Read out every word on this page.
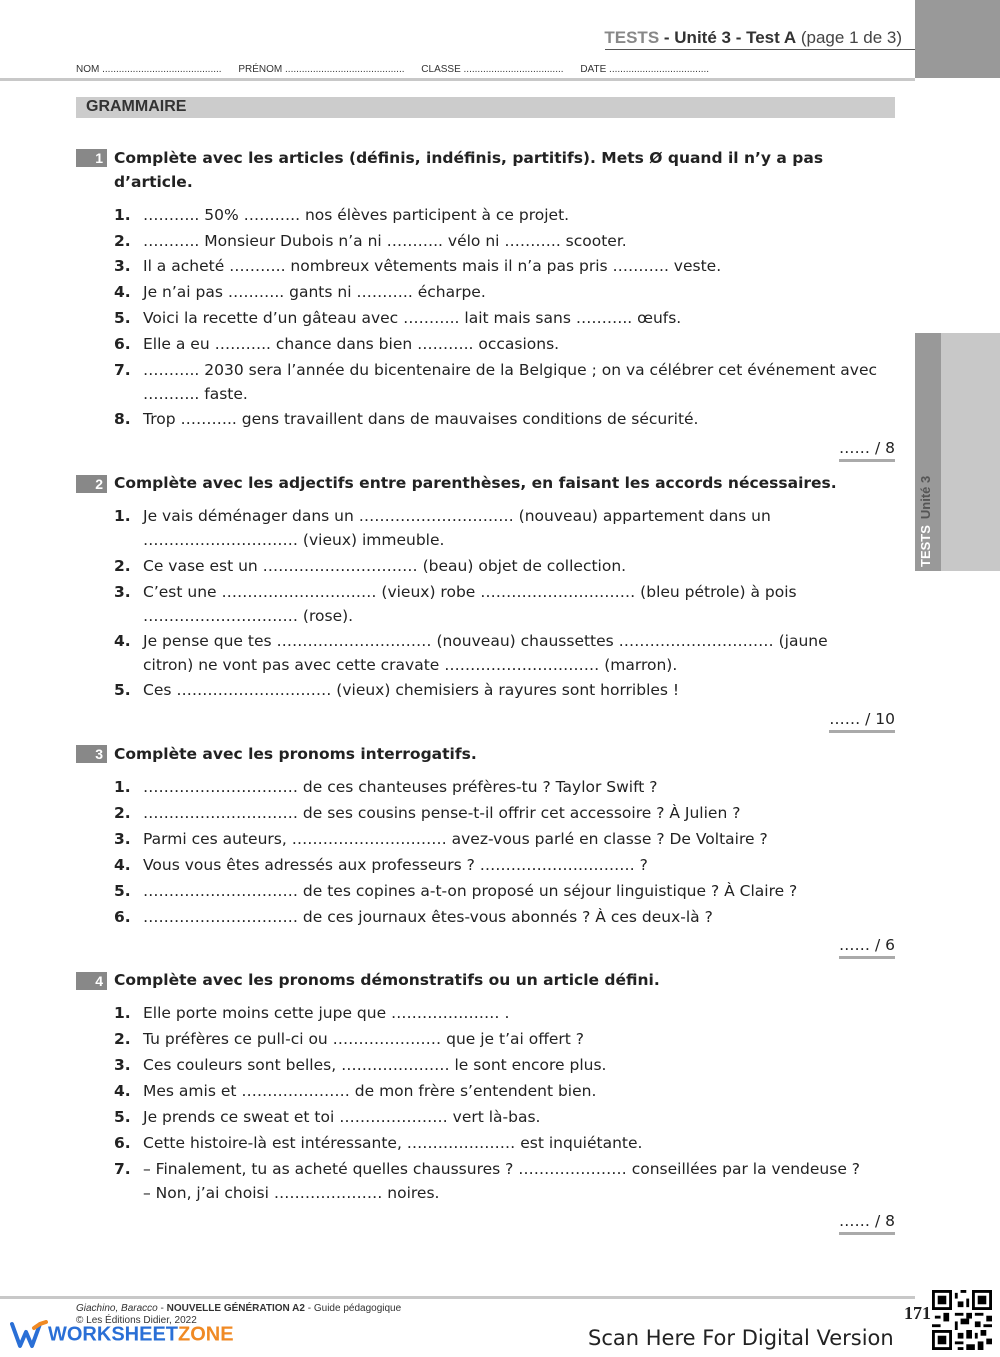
TESTS - Unité 3 - Test A (page 1 de 3)
NOM ........................................... PRÉNOM ........................................... CLASSE .................................... DATE ....................................
GRAMMAIRE
TESTSUnité 3
1 Complète avec les articles (définis, indéfinis, partitifs). Mets Ø quand il n’y a pas d’article.
1. ……….. 50% ……….. nos élèves participent à ce projet.
2. ……….. Monsieur Dubois n’a ni ……….. vélo ni ……….. scooter.
3. Il a acheté ……….. nombreux vêtements mais il n’a pas pris ……….. veste.
4. Je n’ai pas ……….. gants ni ……….. écharpe.
5. Voici la recette d’un gâteau avec ……….. lait mais sans ……….. œufs.
6. Elle a eu ……….. chance dans bien ……….. occasions.
7. ……….. 2030 sera l’année du bicentenaire de la Belgique ; on va célébrer cet événement avec ……….. faste.
8. Trop ……….. gens travaillent dans de mauvaises conditions de sécurité.
…… / 8
2 Complète avec les adjectifs entre parenthèses, en faisant les accords nécessaires.
1. Je vais déménager dans un ………………………… (nouveau) appartement dans un ………………………… (vieux) immeuble.
2. Ce vase est un ………………………… (beau) objet de collection.
3. C’est une ………………………… (vieux) robe ………………………… (bleu pétrole) à pois ………………………… (rose).
4. Je pense que tes ………………………… (nouveau) chaussettes ………………………… (jaune citron) ne vont pas avec cette cravate ………………………… (marron).
5. Ces ………………………… (vieux) chemisiers à rayures sont horribles !
…… / 10
3 Complète avec les pronoms interrogatifs.
1. ………………………… de ces chanteuses préfères-tu ? Taylor Swift ?
2. ………………………… de ses cousins pense-t-il offrir cet accessoire ? À Julien ?
3. Parmi ces auteurs, ………………………… avez-vous parlé en classe ? De Voltaire ?
4. Vous vous êtes adressés aux professeurs ? ………………………… ?
5. ………………………… de tes copines a-t-on proposé un séjour linguistique ? À Claire ?
6. ………………………… de ces journaux êtes-vous abonnés ? À ces deux-là ?
…… / 6
4 Complète avec les pronoms démonstratifs ou un article défini.
1. Elle porte moins cette jupe que ………………… .
2. Tu préfères ce pull-ci ou ………………… que je t’ai offert ?
3. Ces couleurs sont belles, ………………… le sont encore plus.
4. Mes amis et ………………… de mon frère s’entendent bien.
5. Je prends ce sweat et toi ………………… vert là-bas.
6. Cette histoire-là est intéressante, ………………… est inquiétante.
7. – Finalement, tu as acheté quelles chaussures ? ………………… conseillées par la vendeuse ?
– Non, j’ai choisi ………………… noires.
…… / 8
Giachino, Baracco - NOUVELLE GÉNÉRATION A2 - Guide pédagogique
© Les Éditions Didier, 2022	171
WORKSHEETZONE	Scan Here For Digital Version
